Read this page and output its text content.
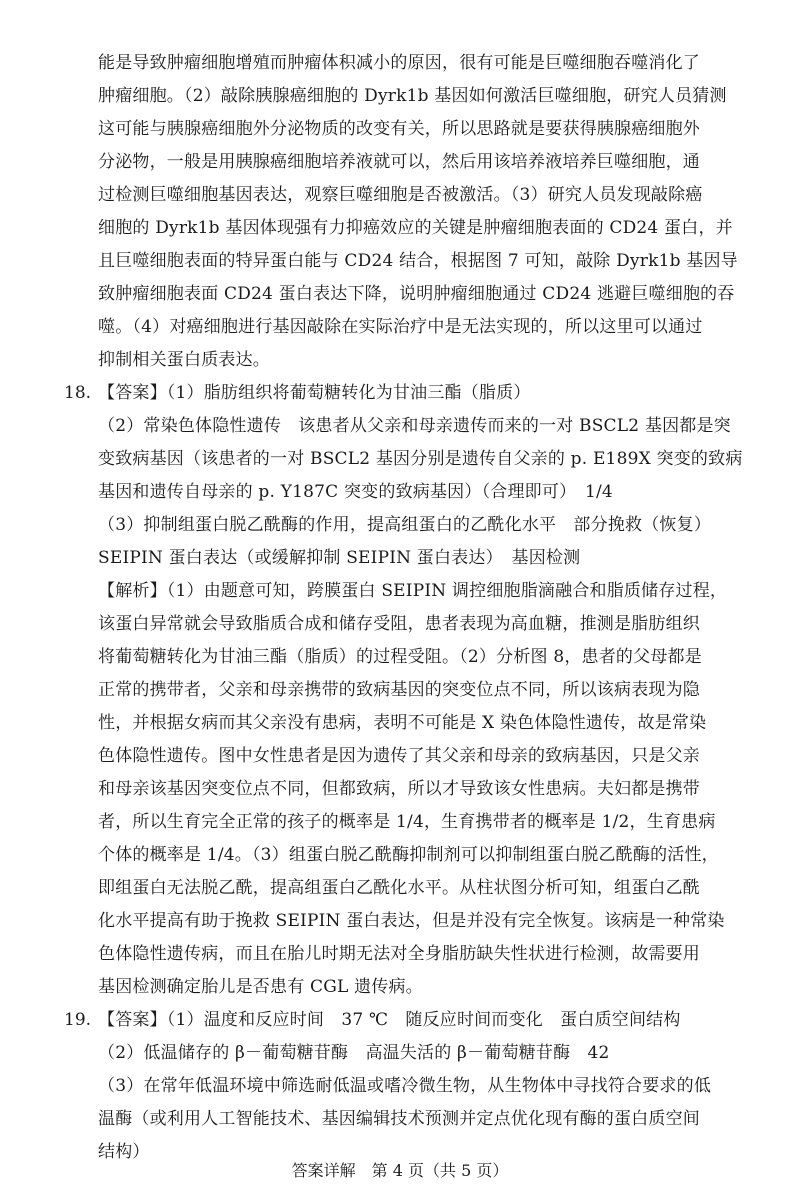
能是导致肿瘤细胞增殖而肿瘤体积减小的原因，很有可能是巨噬细胞吞噬消化了
肿瘤细胞。（2）敲除胰腺癌细胞的 Dyrk1b 基因如何激活巨噬细胞，研究人员猜测
这可能与胰腺癌细胞外分泌物质的改变有关，所以思路就是要获得胰腺癌细胞外
分泌物，一般是用胰腺癌细胞培养液就可以，然后用该培养液培养巨噬细胞，通
过检测巨噬细胞基因表达，观察巨噬细胞是否被激活。（3）研究人员发现敲除癌
细胞的 Dyrk1b 基因体现强有力抑癌效应的关键是肿瘤细胞表面的 CD24 蛋白，并
且巨噬细胞表面的特异蛋白能与 CD24 结合，根据图 7 可知，敲除 Dyrk1b 基因导
致肿瘤细胞表面 CD24 蛋白表达下降，说明肿瘤细胞通过 CD24 逃避巨噬细胞的吞
噬。（4）对癌细胞进行基因敲除在实际治疗中是无法实现的，所以这里可以通过
抑制相关蛋白质表达。
18. 【答案】（1）脂肪组织将葡萄糖转化为甘油三酯（脂质）
（2）常染色体隐性遗传　该患者从父亲和母亲遗传而来的一对 BSCL2 基因都是突
变致病基因（该患者的一对 BSCL2 基因分别是遗传自父亲的 p. E189X 突变的致病
基因和遗传自母亲的 p. Y187C 突变的致病基因）（合理即可）　1/4
（3）抑制组蛋白脱乙酰酶的作用，提高组蛋白的乙酰化水平　部分挽救（恢复）
SEIPIN 蛋白表达（或缓解抑制 SEIPIN 蛋白表达）　基因检测
【解析】（1）由题意可知，跨膜蛋白 SEIPIN 调控细胞脂滴融合和脂质储存过程，
该蛋白异常就会导致脂质合成和储存受阻，患者表现为高血糖，推测是脂肪组织
将葡萄糖转化为甘油三酯（脂质）的过程受阻。（2）分析图 8，患者的父母都是
正常的携带者，父亲和母亲携带的致病基因的突变位点不同，所以该病表现为隐
性，并根据女病而其父亲没有患病，表明不可能是 X 染色体隐性遗传，故是常染
色体隐性遗传。图中女性患者是因为遗传了其父亲和母亲的致病基因，只是父亲
和母亲该基因突变位点不同，但都致病，所以才导致该女性患病。夫妇都是携带
者，所以生育完全正常的孩子的概率是 1/4，生育携带者的概率是 1/2，生育患病
个体的概率是 1/4。（3）组蛋白脱乙酰酶抑制剂可以抑制组蛋白脱乙酰酶的活性，
即组蛋白无法脱乙酰，提高组蛋白乙酰化水平。从柱状图分析可知，组蛋白乙酰
化水平提高有助于挽救 SEIPIN 蛋白表达，但是并没有完全恢复。该病是一种常染
色体隐性遗传病，而且在胎儿时期无法对全身脂肪缺失性状进行检测，故需要用
基因检测确定胎儿是否患有 CGL 遗传病。
19. 【答案】（1）温度和反应时间　37 ℃　随反应时间而变化　蛋白质空间结构
（2）低温储存的 β－葡萄糖苷酶　高温失活的 β－葡萄糖苷酶　42
答案详解　第 4 页（共 5 页）
（3）在常年低温环境中筛选耐低温或嗜冷微生物，从生物体中寻找符合要求的低
温酶（或利用人工智能技术、基因编辑技术预测并定点优化现有酶的蛋白质空间
结构）
